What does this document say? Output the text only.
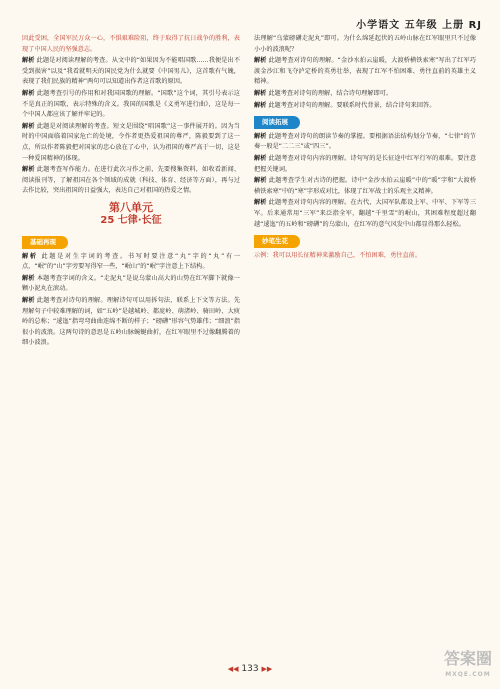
小学语文 五年级 上册 RJ

因此受困，全国军民万众一心，不惧艰难险阻，终于取得了抗日战争的胜利，表现了中国人民的坚强意志。

解析 此题是对阅读理解的考查。从文中的“如果因为不能唱国歌……我便是出不受到损害”以及“我看就明天的国民党为什么就要《中国男儿》，这首歌有气魄，表现了我们民族的精神”两句可以知道出作者这首歌的原因。

解析 此题考查引号的作用和对我国国歌的理解。“国歌”这个词，其引号表示这不是真正的国歌，表示特殊的含义。我国的国歌是《义勇军进行曲》，这是每一个中国人都应该了解并牢记的。

解析 此题是对阅读理解的考查。短文是围绕“唱国歌”这一事件展开的。因为当时的中国面临着国家危亡的处境，令作者更热爱祖国的尊严，陈毅要到了这一点，所以作者陈毅把对国家的忠心放在了心中，认为祖国的尊严高于一切，这是一种爱国精神的体现。

解析 此题考查写作能力。在进行此次习作之前，先要搜集资料，如收看新闻、阅读报刊等，了解祖国在各个领域的成就（科技、体育、经济等方面），再与过去作比较，突出祖国的日益强大，表达自己对祖国的热爱之情。

第八单元
25 七律·长征
基础再现

解析 此题是对生字词的考查。书写时要注意“丸”字的“丸”有一点，“岷”的“山”字旁要写得窄一些，“岷山”的“岷”字注意上下结构。

解析 本题考查字词的含义。“走泥丸”是说乌蒙山高大的山势在红军脚下就像一颗小泥丸在滚动。

解析 此题考查对诗句的理解。理解诗句可以用拆句法、联系上下文等方法。先理解句子中较难理解的词，如“五岭”是越城岭、都庞岭、萌渚岭、骑田岭、大庾岭的总称；“逶迤”指弯弯曲曲连绵不断的样子；“磅礴”形容气势雄伟；“细浪”指很小的波浪。这两句诗的意思是五岭山脉蜿蜒曲折，在红军眼里不过像翻腾着的细小波浪。

法理解“乌蒙磅礴走泥丸”即可。为什么绵延起伏的五岭山脉在红军眼里只不过像小小的波浪呢？

解析 此题考查对诗句的理解。“金沙水拍云崖暖，大渡桥横铁索寒”写出了红军巧渡金沙江和飞夺泸定桥的英勇壮举，表现了红军不怕困难、勇往直前的英雄主义精神。

解析 此题考查对诗句的理解，结合诗句理解即可。

解析 此题考查对诗句的理解。要联系时代背景，结合诗句来回答。

阅读拓展

解析 此题考查对诗句的朗读节奏的掌握。要根据语法结构划分节奏，“七律”的节奏一般是“二二三”或“四三”。

解析 此题考查对诗句内容的理解。诗句写的是长征途中红军行军的艰难。要注意把握关键词。

解析 此题考查学生对古诗的把握。诗中“金沙水拍云崖暖”中的“暖”字和“大渡桥横铁索寒”中的“寒”字形成对比，体现了红军战士的乐观主义精神。

解析 此题考查对诗句内容的理解。在古代，大国军队都设上军、中军、下军等三军。后来通常用“三军”来泛指全军，翻越“千里雪”的岷山，其困难程度超过翻越“逶迤”的五岭和“磅礴”的乌蒙山，在红军的意气风发中山都显得那么轻松。

妙笔生花

示例：我可以用长征精神来激励自己，不怕困难，勇往直前。

◀◀ 133 ▶▶
答案圈
MXQE.COM
